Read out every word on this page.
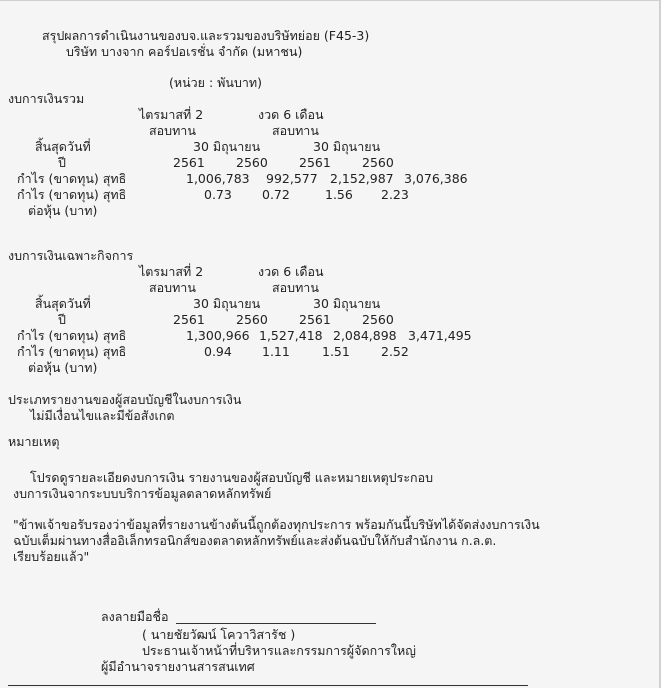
สรุปผลการดำเนินงานของบจ.และรวมของบริษัทย่อย (F45-3)
บริษัท บางจาก คอร์ปอเรชั่น จำกัด (มหาชน)
(หน่วย : พันบาท)
งบการเงินรวม
ไตรมาสที่ 2	งวด 6 เดือน
สอบทาน	สอบทาน
สิ้นสุดวันที่	30 มิถุนายน	30 มิถุนายน
ปี	2561 2560 2561 2560
กำไร (ขาดทุน) สุทธิ	1,006,783 992,577 2,152,987 3,076,386
กำไร (ขาดทุน) สุทธิ	0.73 0.72	1.56 2.23
ต่อหุ้น (บาท)
งบการเงินเฉพาะกิจการ
ไตรมาสที่ 2	งวด 6 เดือน
สอบทาน	สอบทาน
สิ้นสุดวันที่	30 มิถุนายน	30 มิถุนายน
ปี	2561 2560 2561 2560
กำไร (ขาดทุน) สุทธิ	1,300,966 1,527,418 2,084,898 3,471,495
กำไร (ขาดทุน) สุทธิ	0.94 1.11	1.51 2.52
ต่อหุ้น (บาท)
ประเภทรายงานของผู้สอบบัญชีในงบการเงิน
ไม่มีเงื่อนไขและมีข้อสังเกต
หมายเหตุ
โปรดดูรายละเอียดงบการเงิน รายงานของผู้สอบบัญชี และหมายเหตุประกอบ
งบการเงินจากระบบบริการข้อมูลตลาดหลักทรัพย์
"ข้าพเจ้าขอรับรองว่าข้อมูลที่รายงานข้างต้นนี้ถูกต้องทุกประการ พร้อมกันนี้บริษัทได้จัดส่งงบการเงิน
ฉบับเต็มผ่านทางสื่ออิเล็กทรอนิกส์ของตลาดหลักทรัพย์และส่งต้นฉบับให้กับสำนักงาน ก.ล.ต.
เรียบร้อยแล้ว"
ลงลายมือชื่อ
( นายชัยวัฒน์ โควาวิสารัช )
ประธานเจ้าหน้าที่บริหารและกรรมการผู้จัดการใหญ่
ผู้มีอำนาจรายงานสารสนเทศ
